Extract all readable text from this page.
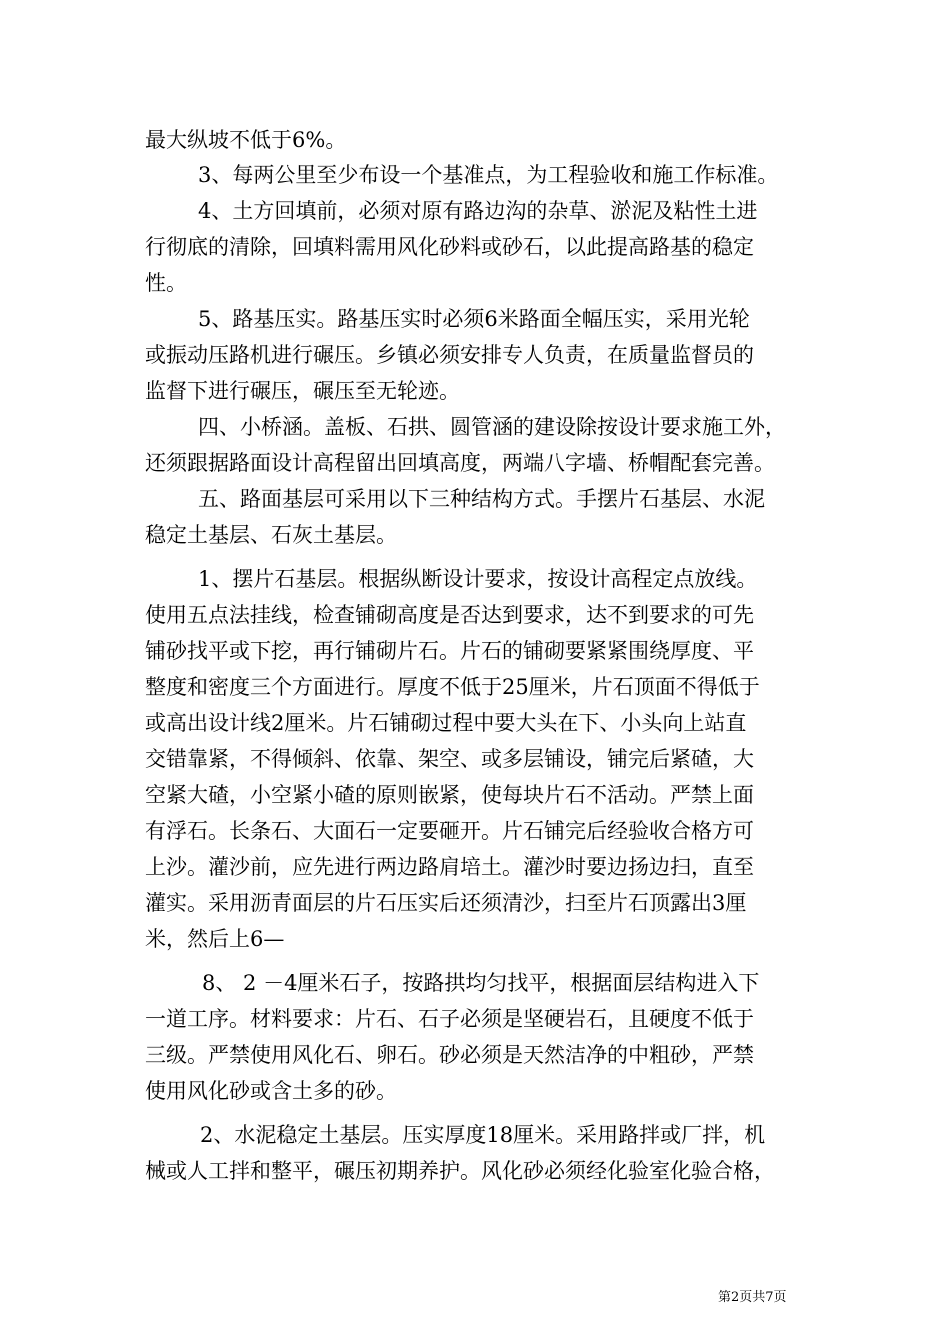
最大纵坡不低于6%。
3、每两公里至少布设一个基准点，为工程验收和施工作标准。
4、土方回填前，必须对原有路边沟的杂草、淤泥及粘性土进
行彻底的清除，回填料需用风化砂料或砂石，以此提高路基的稳定
性。
5、路基压实。路基压实时必须6米路面全幅压实，采用光轮
或振动压路机进行碾压。乡镇必须安排专人负责，在质量监督员的
监督下进行碾压，碾压至无轮迹。
四、小桥涵。盖板、石拱、圆管涵的建设除按设计要求施工外，
还须跟据路面设计高程留出回填高度，两端八字墙、桥帽配套完善。
五、路面基层可采用以下三种结构方式。手摆片石基层、水泥
稳定土基层、石灰土基层。
1、摆片石基层。根据纵断设计要求，按设计高程定点放线。
使用五点法挂线，检查铺砌高度是否达到要求，达不到要求的可先
铺砂找平或下挖，再行铺砌片石。片石的铺砌要紧紧围绕厚度、平
整度和密度三个方面进行。厚度不低于25厘米，片石顶面不得低于
或高出设计线2厘米。片石铺砌过程中要大头在下、小头向上站直
交错靠紧，不得倾斜、依靠、架空、或多层铺设，铺完后紧碴，大
空紧大碴，小空紧小碴的原则嵌紧，使每块片石不活动。严禁上面
有浮石。长条石、大面石一定要砸开。片石铺完后经验收合格方可
上沙。灌沙前，应先进行两边路肩培土。灌沙时要边扬边扫，直至
灌实。采用沥青面层的片石压实后还须清沙，扫至片石顶露出3厘
米，然后上6—
8、 2 －4厘米石子，按路拱均匀找平，根据面层结构进入下
一道工序。材料要求：片石、石子必须是坚硬岩石，且硬度不低于
三级。严禁使用风化石、卵石。砂必须是天然洁净的中粗砂，严禁
使用风化砂或含土多的砂。
2、水泥稳定土基层。压实厚度18厘米。采用路拌或厂拌，机
械或人工拌和整平，碾压初期养护。风化砂必须经化验室化验合格，
第2页共7页
